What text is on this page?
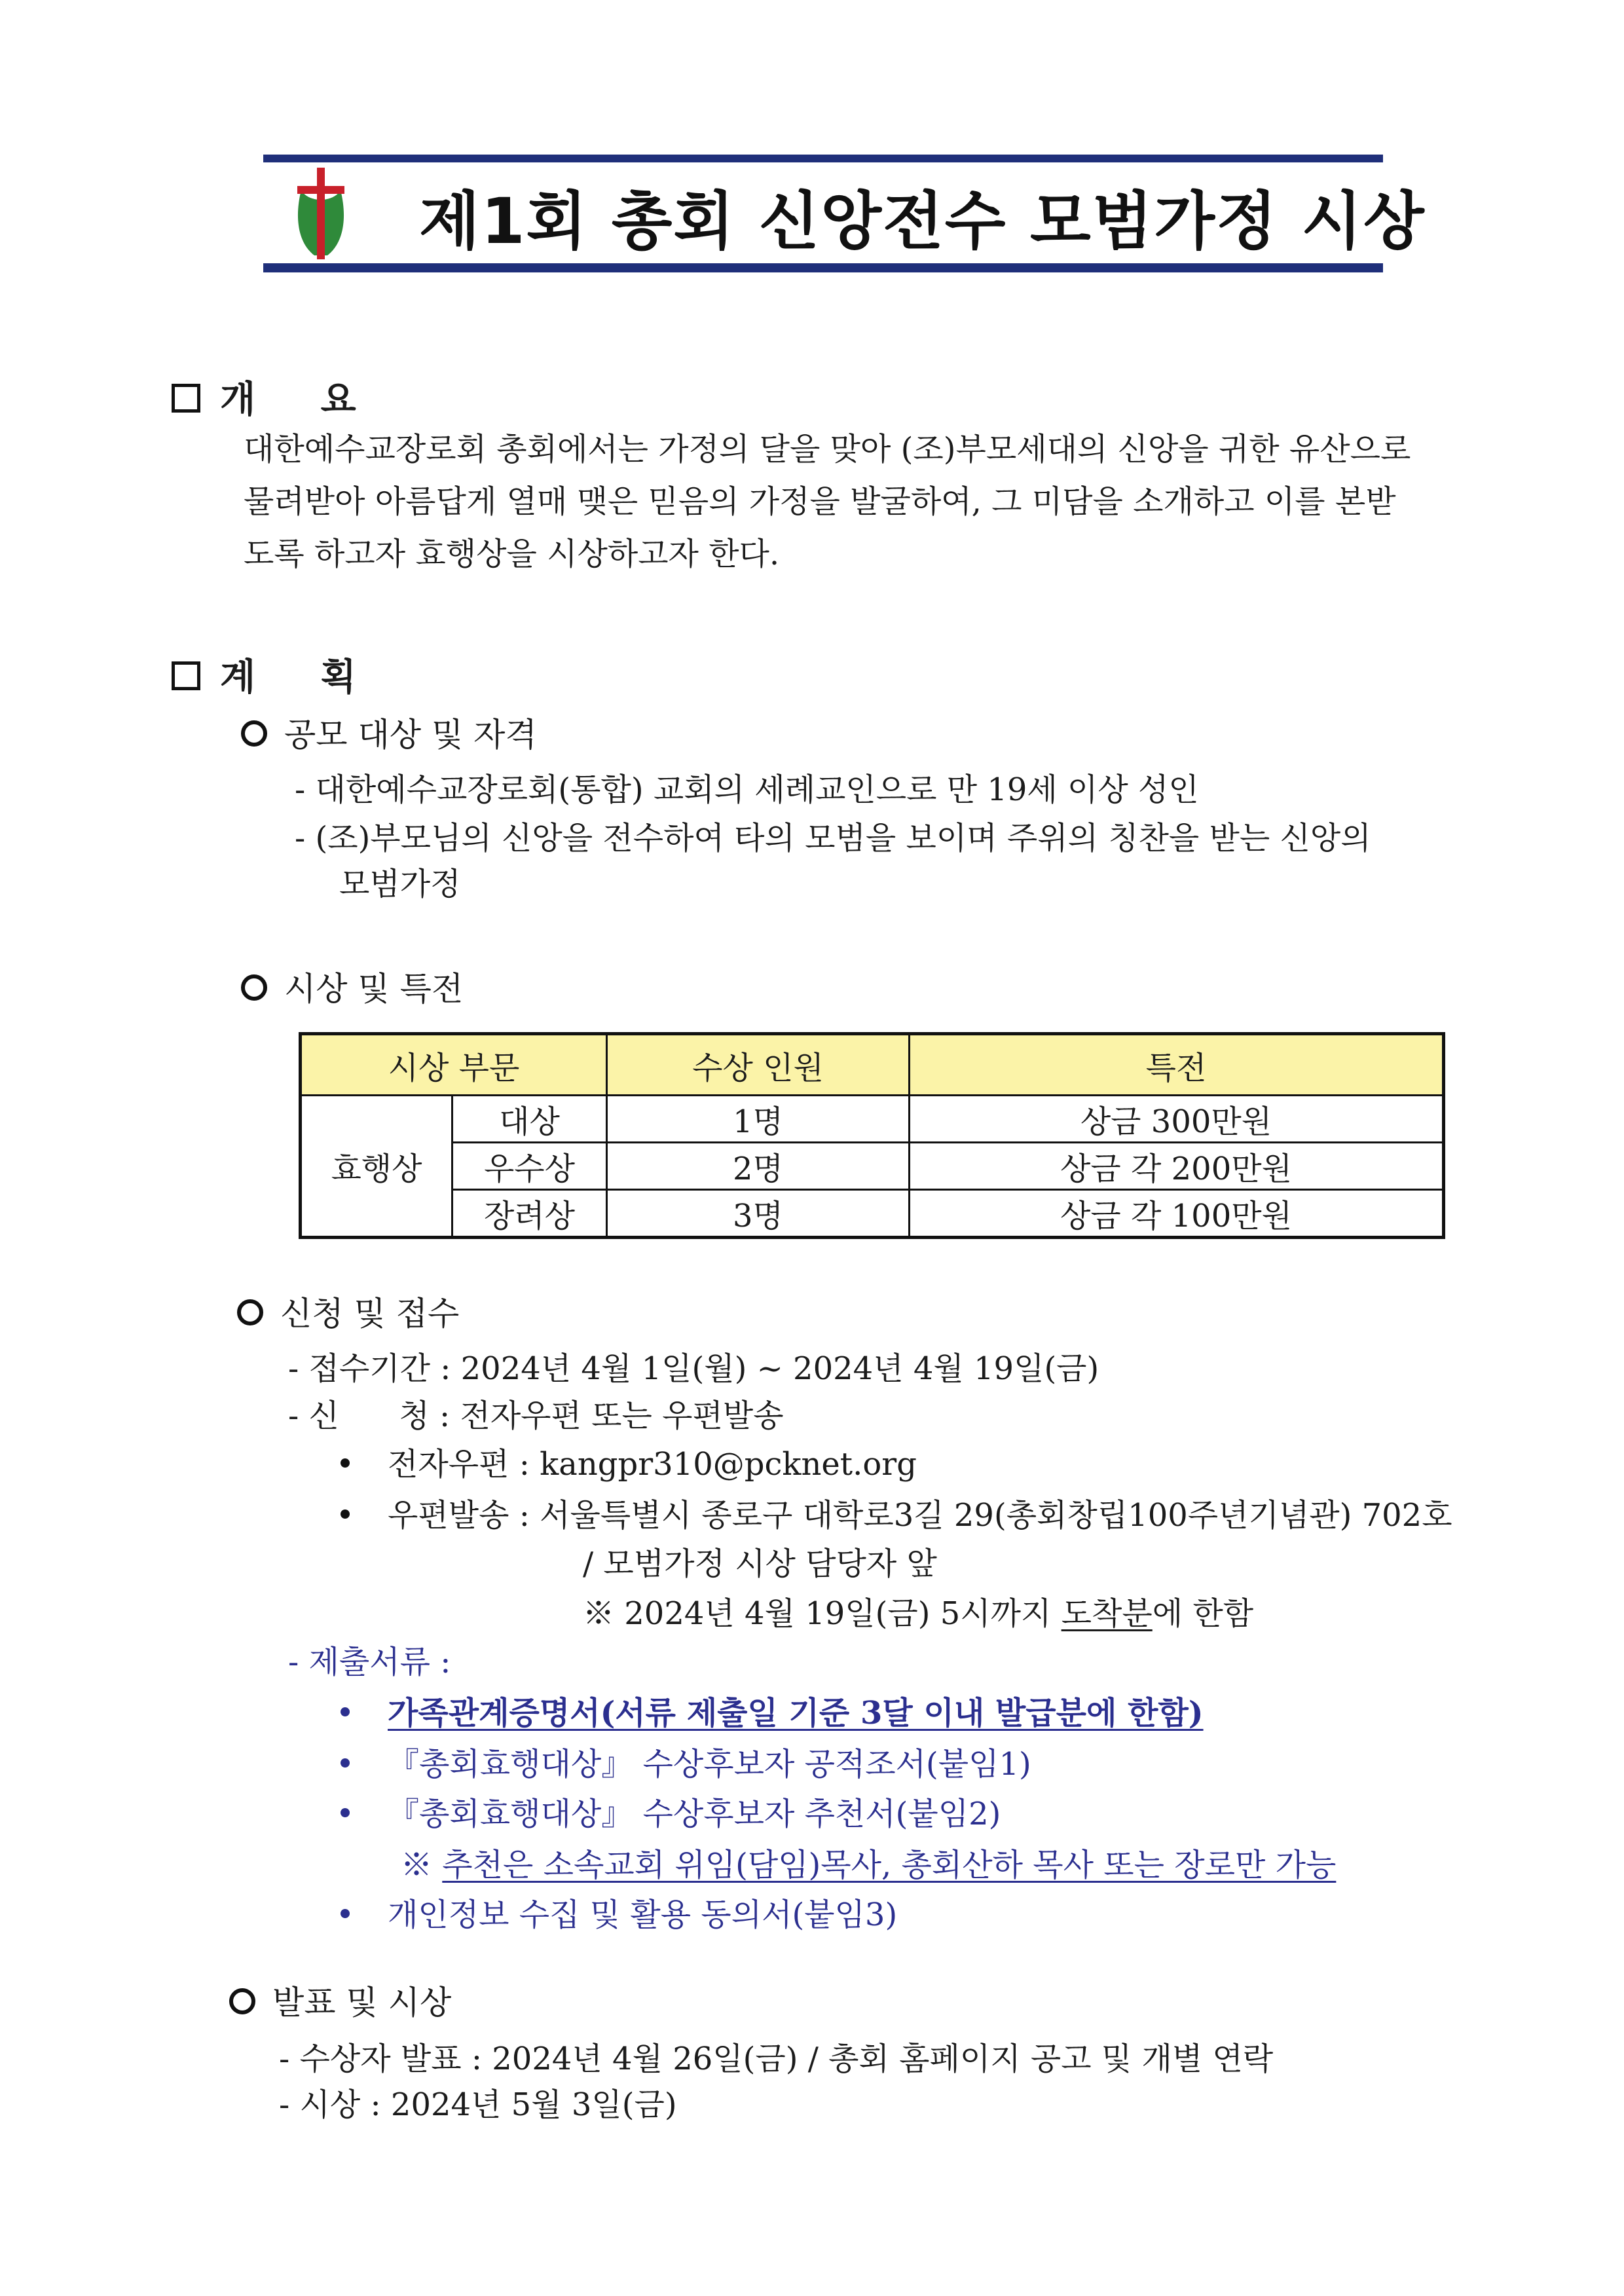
제1회 총회 신앙전수 모범가정 시상
개 요
대한예수교장로회 총회에서는 가정의 달을 맞아 (조)부모세대의 신앙을 귀한 유산으로
물려받아 아름답게 열매 맺은 믿음의 가정을 발굴하여, 그 미담을 소개하고 이를 본받
도록 하고자 효행상을 시상하고자 한다.
계 획
공모 대상 및 자격
- 대한예수교장로회(통합) 교회의 세례교인으로 만 19세 이상 성인
- (조)부모님의 신앙을 전수하여 타의 모범을 보이며 주위의 칭찬을 받는 신앙의
모범가정
시상 및 특전
시상 부문		수상 인원	특전
효행상	대상	1명	상금 300만원
	우수상	2명	상금 각 200만원
	장려상	3명	상금 각 100만원
신청 및 접수
- 접수기간 : 2024년 4월 1일(월) ~ 2024년 4월 19일(금)
- 신      청 : 전자우편 또는 우편발송
전자우편 : kangpr310@pcknet.org
우편발송 : 서울특별시 종로구 대학로3길 29(총회창립100주년기념관) 702호
/ 모범가정 시상 담당자 앞
※ 2024년 4월 19일(금) 5시까지 도착분에 한함
- 제출서류 :
가족관계증명서(서류 제출일 기준 3달 이내 발급분에 한함)
『총회효행대상』 수상후보자 공적조서(붙임1)
『총회효행대상』 수상후보자 추천서(붙임2)
※ 추천은 소속교회 위임(담임)목사, 총회산하 목사 또는 장로만 가능
개인정보 수집 및 활용 동의서(붙임3)
발표 및 시상
- 수상자 발표 : 2024년 4월 26일(금) / 총회 홈페이지 공고 및 개별 연락
- 시상 : 2024년 5월 3일(금)
